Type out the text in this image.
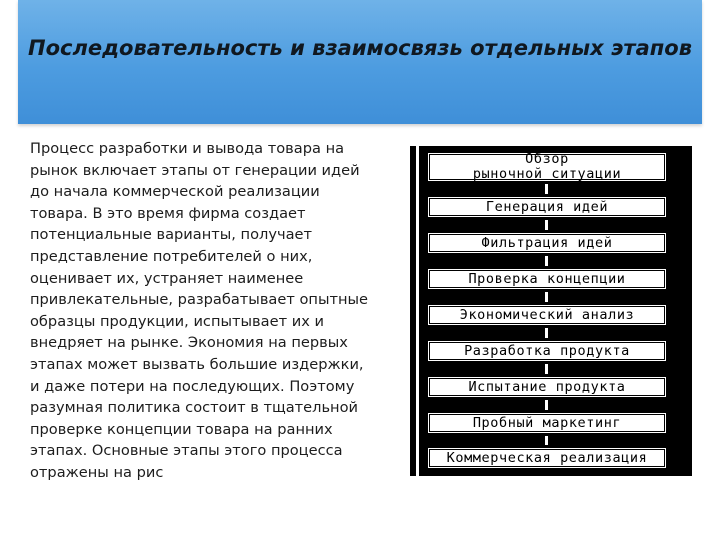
Последовательность и взаимосвязь отдельных этапов

Процесс разработки и вывода товара на рынок включает этапы от генерации идей до начала коммерческой реализации товара. В это время фирма создает потенциальные варианты, получает представление потребителей о них, оценивает их, устраняет наименее привлекательные, разрабатывает опытные образцы продукции, испытывает их и внедряет на рынке. Экономия на первых этапах может вызвать большие издержки, и даже потери на последующих. Поэтому разумная политика состоит в тщательной проверке концепции товара на ранних этапах. Основные этапы этого процесса отражены на рис

Обзор
рыночной ситуации
Генерация идей
Фильтрация идей
Проверка концепции
Экономический анализ
Разработка продукта
Испытание продукта
Пробный маркетинг
Коммерческая реализация
